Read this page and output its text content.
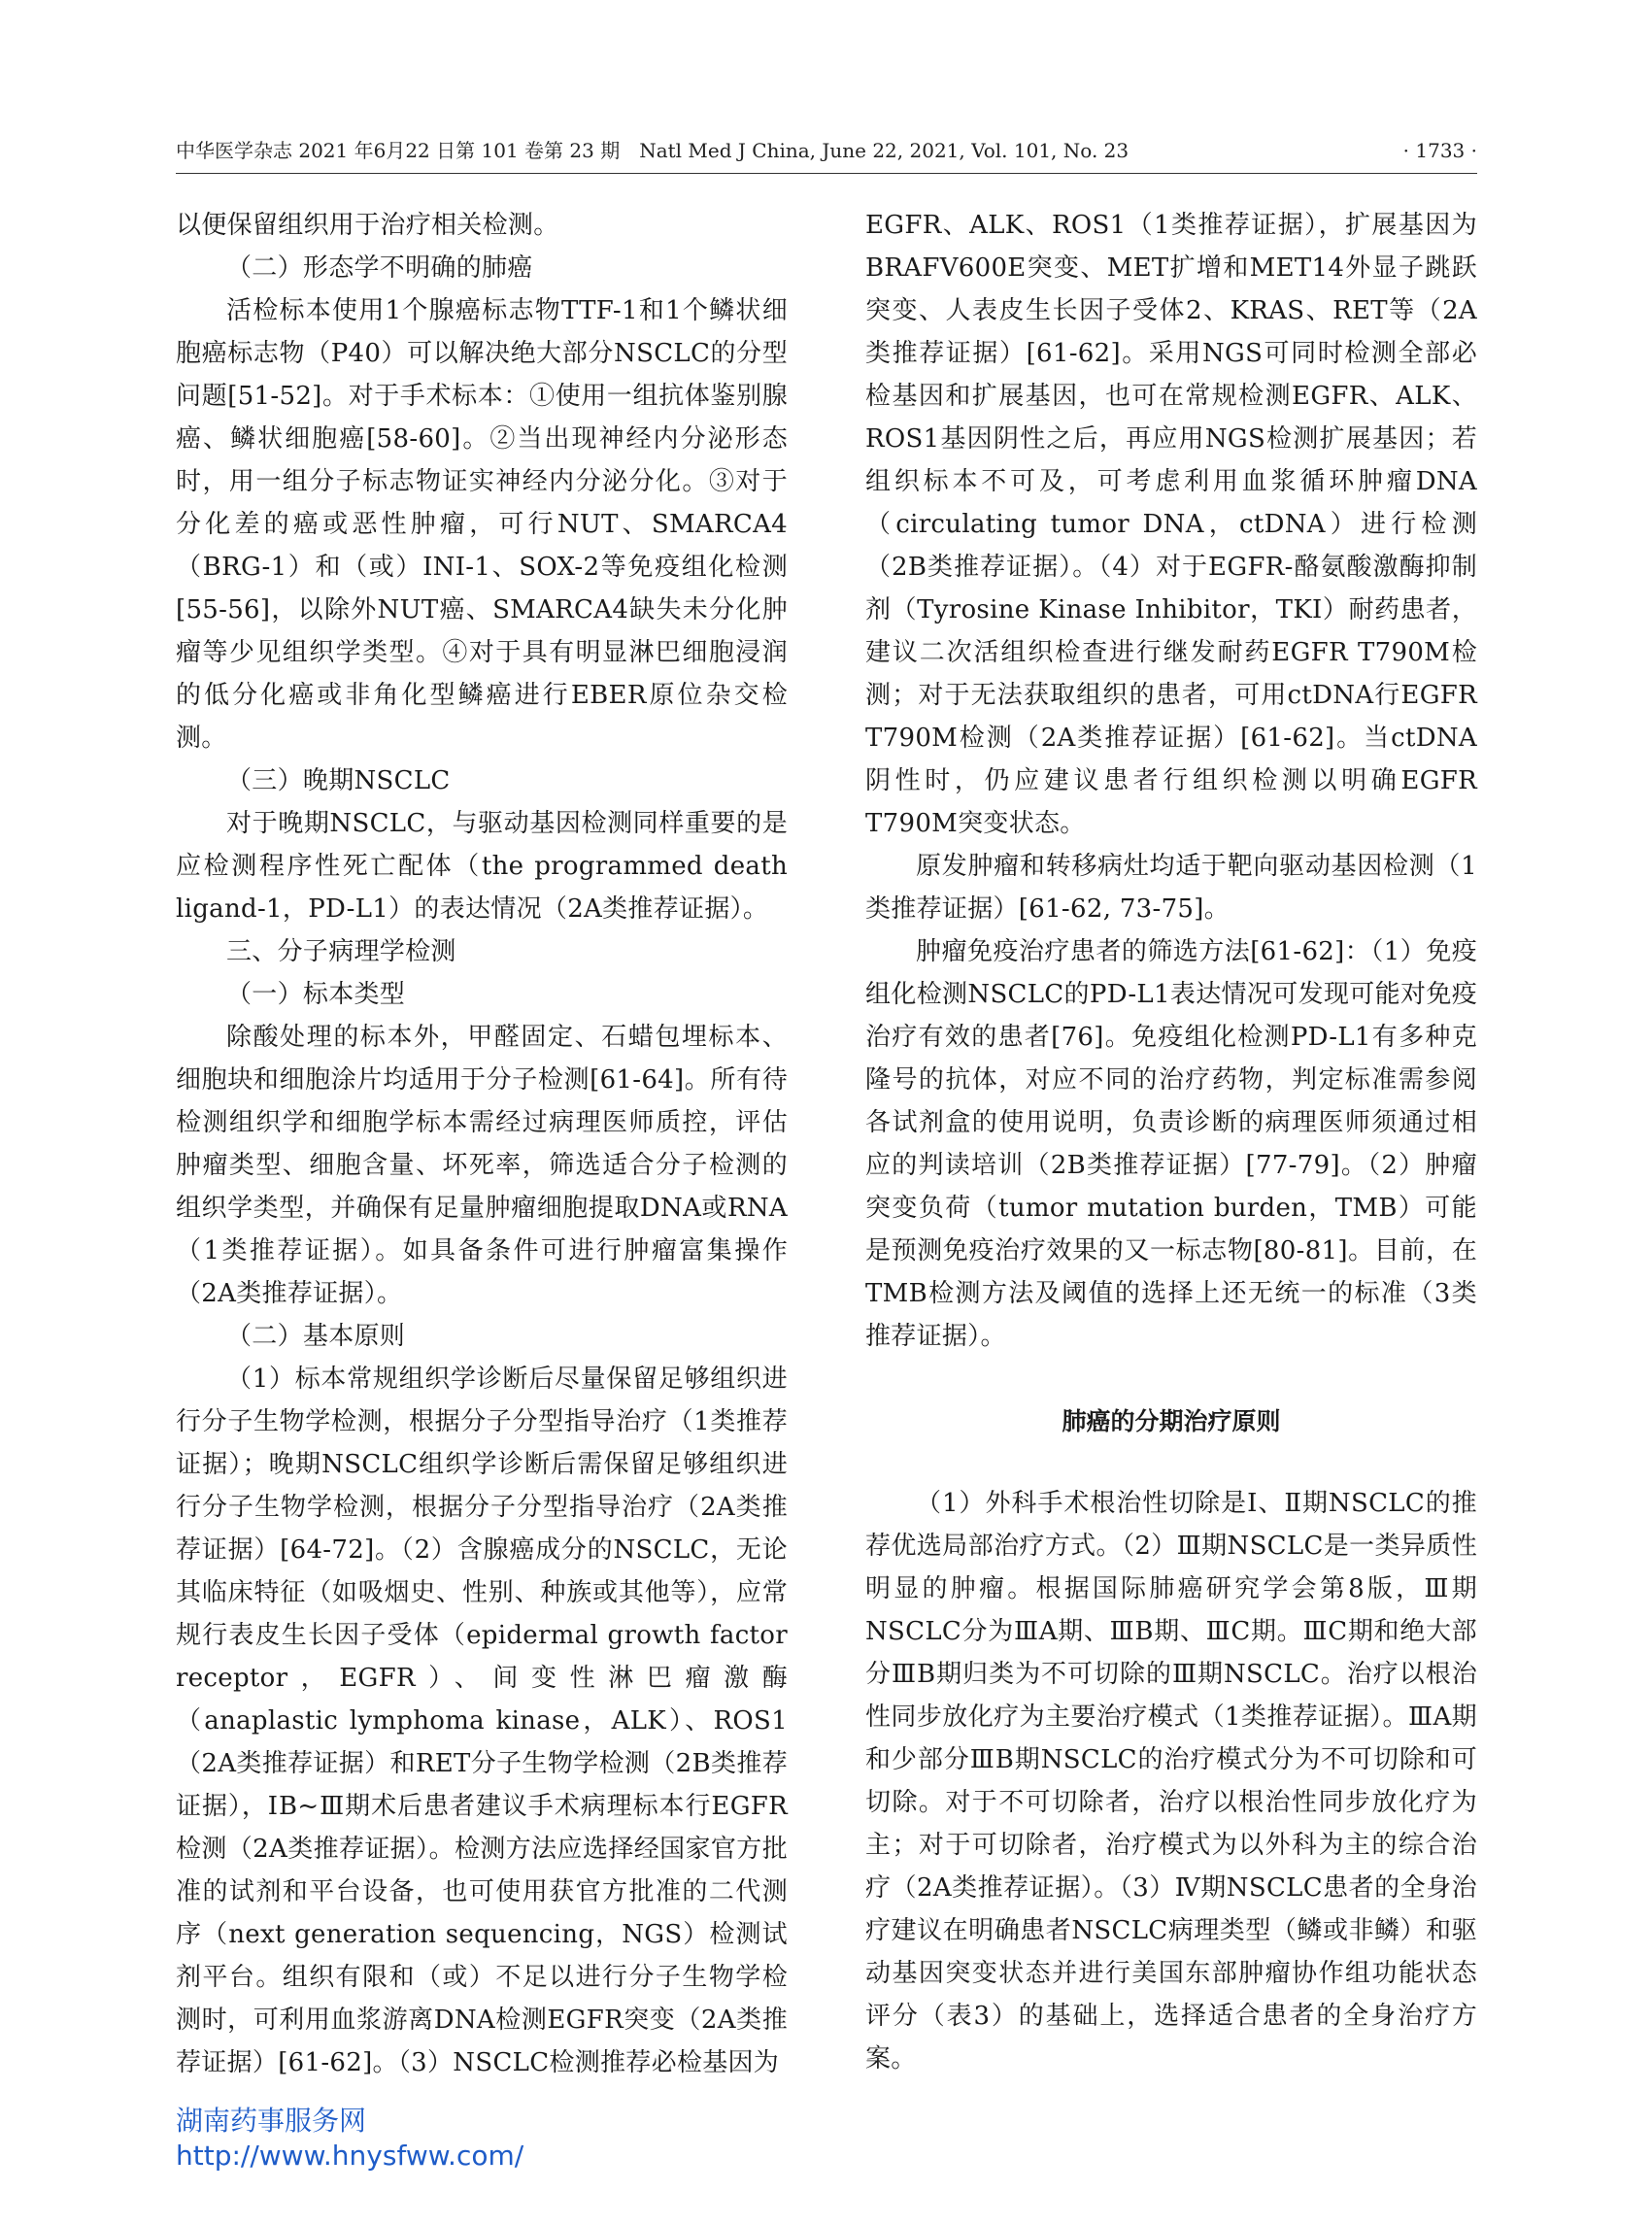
中华医学杂志 2021 年6月22 日第 101 卷第 23 期　Natl Med J China, June 22, 2021, Vol. 101, No. 23	· 1733 ·

以便保留组织用于治疗相关检测。

（二）形态学不明确的肺癌

活检标本使用1个腺癌标志物TTF-1和1个鳞状细胞癌标志物（P40）可以解决绝大部分NSCLC的分型问题[51-52]。对于手术标本：①使用一组抗体鉴别腺癌、鳞状细胞癌[58-60]。②当出现神经内分泌形态时，用一组分子标志物证实神经内分泌分化。③对于分化差的癌或恶性肿瘤，可行NUT、SMARCA4（BRG-1）和（或）INI-1、SOX-2等免疫组化检测[55-56]，以除外NUT癌、SMARCA4缺失未分化肿瘤等少见组织学类型。④对于具有明显淋巴细胞浸润的低分化癌或非角化型鳞癌进行EBER原位杂交检测。

（三）晚期NSCLC

对于晚期NSCLC，与驱动基因检测同样重要的是应检测程序性死亡配体（the programmed death ligand-1，PD-L1）的表达情况（2A类推荐证据）。

三、分子病理学检测

（一）标本类型

除酸处理的标本外，甲醛固定、石蜡包埋标本、细胞块和细胞涂片均适用于分子检测[61-64]。所有待检测组织学和细胞学标本需经过病理医师质控，评估肿瘤类型、细胞含量、坏死率，筛选适合分子检测的组织学类型，并确保有足量肿瘤细胞提取DNA或RNA（1类推荐证据）。如具备条件可进行肿瘤富集操作（2A类推荐证据）。

（二）基本原则

（1）标本常规组织学诊断后尽量保留足够组织进行分子生物学检测，根据分子分型指导治疗（1类推荐证据）；晚期NSCLC组织学诊断后需保留足够组织进行分子生物学检测，根据分子分型指导治疗（2A类推荐证据）[64-72]。（2）含腺癌成分的NSCLC，无论其临床特征（如吸烟史、性别、种族或其他等），应常规行表皮生长因子受体（epidermal growth factor receptor，EGFR）、间变性淋巴瘤激酶（anaplastic lymphoma kinase，ALK）、ROS1（2A类推荐证据）和RET分子生物学检测（2B类推荐证据），ⅠB~Ⅲ期术后患者建议手术病理标本行EGFR检测（2A类推荐证据）。检测方法应选择经国家官方批准的试剂和平台设备，也可使用获官方批准的二代测序（next generation sequencing，NGS）检测试剂平台。组织有限和（或）不足以进行分子生物学检测时，可利用血浆游离DNA检测EGFR突变（2A类推荐证据）[61-62]。（3）NSCLC检测推荐必检基因为

EGFR、ALK、ROS1（1类推荐证据），扩展基因为BRAFV600E突变、MET扩增和MET14外显子跳跃突变、人表皮生长因子受体2、KRAS、RET等（2A类推荐证据）[61-62]。采用NGS可同时检测全部必检基因和扩展基因，也可在常规检测EGFR、ALK、ROS1基因阴性之后，再应用NGS检测扩展基因；若组织标本不可及，可考虑利用血浆循环肿瘤DNA（circulating tumor DNA，ctDNA）进行检测（2B类推荐证据）。（4）对于EGFR-酪氨酸激酶抑制剂（Tyrosine Kinase Inhibitor，TKI）耐药患者，建议二次活组织检查进行继发耐药EGFR T790M检测；对于无法获取组织的患者，可用ctDNA行EGFR T790M检测（2A类推荐证据）[61-62]。当ctDNA阴性时，仍应建议患者行组织检测以明确EGFR T790M突变状态。

原发肿瘤和转移病灶均适于靶向驱动基因检测（1类推荐证据）[61-62, 73-75]。

肿瘤免疫治疗患者的筛选方法[61-62]：（1）免疫组化检测NSCLC的PD-L1表达情况可发现可能对免疫治疗有效的患者[76]。免疫组化检测PD-L1有多种克隆号的抗体，对应不同的治疗药物，判定标准需参阅各试剂盒的使用说明，负责诊断的病理医师须通过相应的判读培训（2B类推荐证据）[77-79]。（2）肿瘤突变负荷（tumor mutation burden，TMB）可能是预测免疫治疗效果的又一标志物[80-81]。目前，在TMB检测方法及阈值的选择上还无统一的标准（3类推荐证据）。

肺癌的分期治疗原则

（1）外科手术根治性切除是Ⅰ、Ⅱ期NSCLC的推荐优选局部治疗方式。（2）Ⅲ期NSCLC是一类异质性明显的肿瘤。根据国际肺癌研究学会第8版，Ⅲ期NSCLC分为ⅢA期、ⅢB期、ⅢC期。ⅢC期和绝大部分ⅢB期归类为不可切除的Ⅲ期NSCLC。治疗以根治性同步放化疗为主要治疗模式（1类推荐证据）。ⅢA期和少部分ⅢB期NSCLC的治疗模式分为不可切除和可切除。对于不可切除者，治疗以根治性同步放化疗为主；对于可切除者，治疗模式为以外科为主的综合治疗（2A类推荐证据）。（3）Ⅳ期NSCLC患者的全身治疗建议在明确患者NSCLC病理类型（鳞或非鳞）和驱动基因突变状态并进行美国东部肿瘤协作组功能状态评分（表3）的基础上，选择适合患者的全身治疗方案。

湖南药事服务网
http://www.hnysfww.com/
